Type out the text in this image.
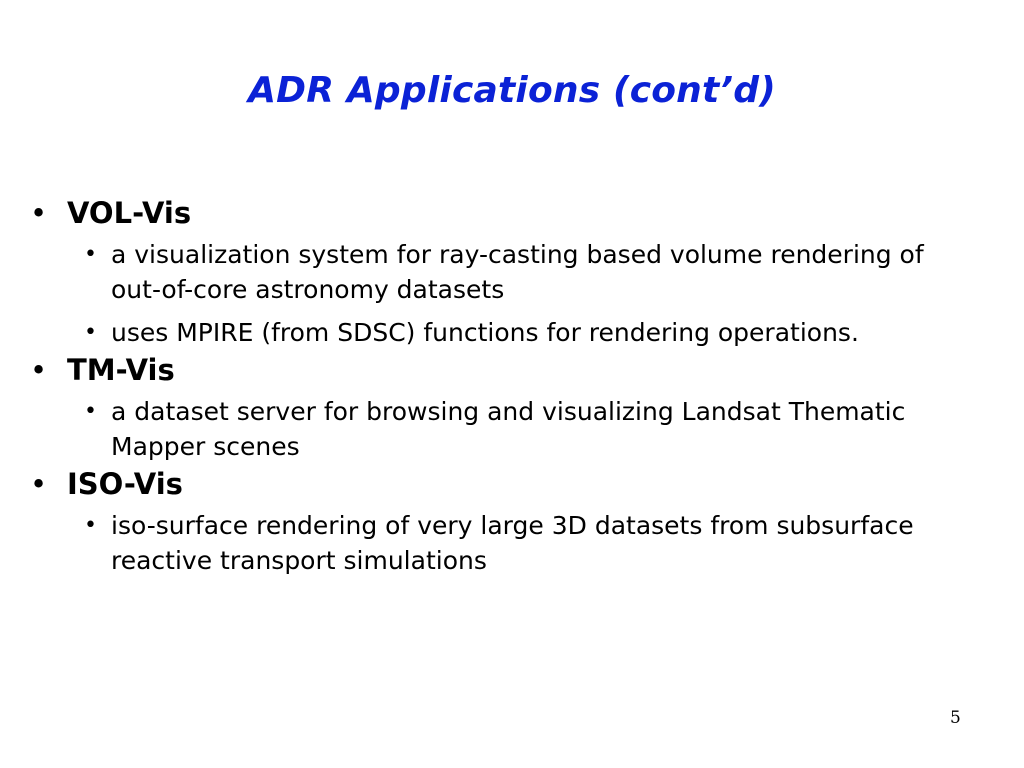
ADR Applications (cont’d)
• VOL-Vis
• a visualization system for ray-casting based volume rendering of out-of-core astronomy datasets
• uses MPIRE (from SDSC) functions for rendering operations.
• TM-Vis
• a dataset server for browsing and visualizing Landsat Thematic Mapper scenes
• ISO-Vis
• iso-surface rendering of very large 3D datasets from subsurface reactive transport simulations
5
